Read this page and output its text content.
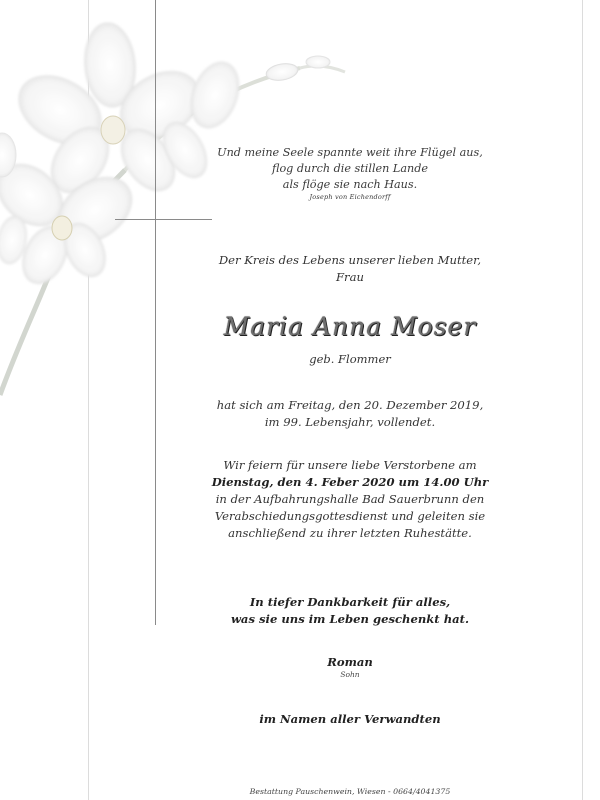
Und meine Seele spannte weit ihre Flügel aus,
flog durch die stillen Lande
als flöge sie nach Haus.
Joseph von Eichendorff
Der Kreis des Lebens unserer lieben Mutter,
Frau
Maria Anna Moser
geb. Flommer
hat sich am Freitag, den 20. Dezember 2019,
im 99. Lebensjahr, vollendet.
Wir feiern für unsere liebe Verstorbene am
Dienstag, den 4. Feber 2020 um 14.00 Uhr
in der Aufbahrungshalle Bad Sauerbrunn den
Verabschiedungsgottesdienst und geleiten sie
anschließend zu ihrer letzten Ruhestätte.
In tiefer Dankbarkeit für alles,
was sie uns im Leben geschenkt hat.
Roman
Sohn
im Namen aller Verwandten
Bestattung Pauschenwein, Wiesen - 0664/4041375
